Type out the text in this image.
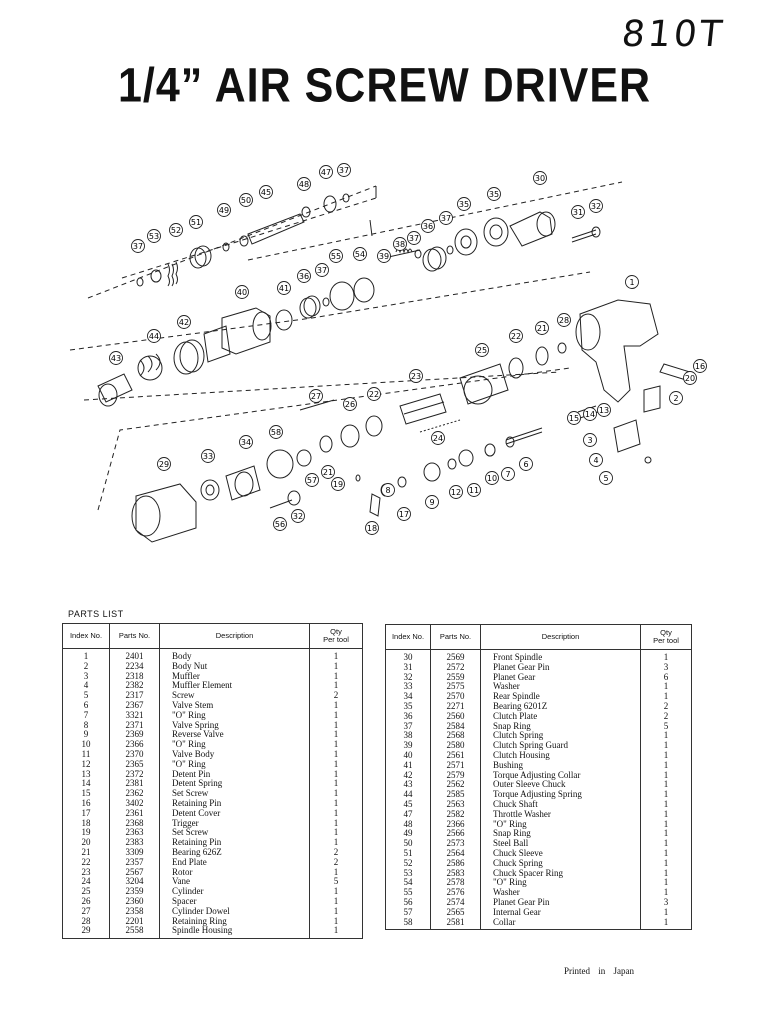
810T
1/4” AIR SCREW DRIVER
37
53
52
51
49
50
45
48
47 37
30
31
32
35
35
37
36
39
38
37
54
55
37
36
40	41
44
42
43
1
28
21
22
25
23
16
20
2
27
26
22
24
15 14 13
3
4
5
58
34
33
29
57
21
19
18
8
17
9
12 11
10 7
6
56
32
PARTS LIST
Index No.	Parts No.	Description	Qty
Per tool
1	2401	Body	1
2	2234	Body Nut	1
3	2318	Muffler	1
4	2382	Muffler Element	1
5	2317	Screw	2
6	2367	Valve Stem	1
7	3321	"O" Ring	1
8	2371	Valve Spring	1
9	2369	Reverse Valve	1
10	2366	"O" Ring	1
11	2370	Valve Body	1
12	2365	"O" Ring	1
13	2372	Detent Pin	1
14	2381	Detent Spring	1
15	2362	Set Screw	1
16	3402	Retaining Pin	1
17	2361	Detent Cover	1
18	2368	Trigger	1
19	2363	Set Screw	1
20	2383	Retaining Pin	1
21	3309	Bearing 626Z	2
22	2357	End Plate	2
23	2567	Rotor	1
24	3204	Vane	5
25	2359	Cylinder	1
26	2360	Spacer	1
27	2358	Cylinder Dowel	1
28	2201	Retaining Ring	1
29	2558	Spindle Housing	1
Index No.	Parts No.	Description	Qty
Per tool
30	2569	Front Spindle	1
31	2572	Planet Gear Pin	3
32	2559	Planet Gear	6
33	2575	Washer	1
34	2570	Rear Spindle	1
35	2271	Bearing 6201Z	2
36	2560	Clutch Plate	2
37	2584	Snap Ring	5
38	2568	Clutch Spring	1
39	2580	Clutch Spring Guard	1
40	2561	Clutch Housing	1
41	2571	Bushing	1
42	2579	Torque Adjusting Collar	1
43	2562	Outer Sleeve Chuck	1
44	2585	Torque Adjusting Spring	1
45	2563	Chuck Shaft	1
47	2582	Throttle Washer	1
48	2366	"O" Ring	1
49	2566	Snap Ring	1
50	2573	Steel Ball	1
51	2564	Chuck Sleeve	1
52	2586	Chuck Spring	1
53	2583	Chuck Spacer Ring	1
54	2578	"O" Ring	1
55	2576	Washer	1
56	2574	Planet Gear Pin	3
57	2565	Internal Gear	1
58	2581	Collar	1
Printed in Japan
